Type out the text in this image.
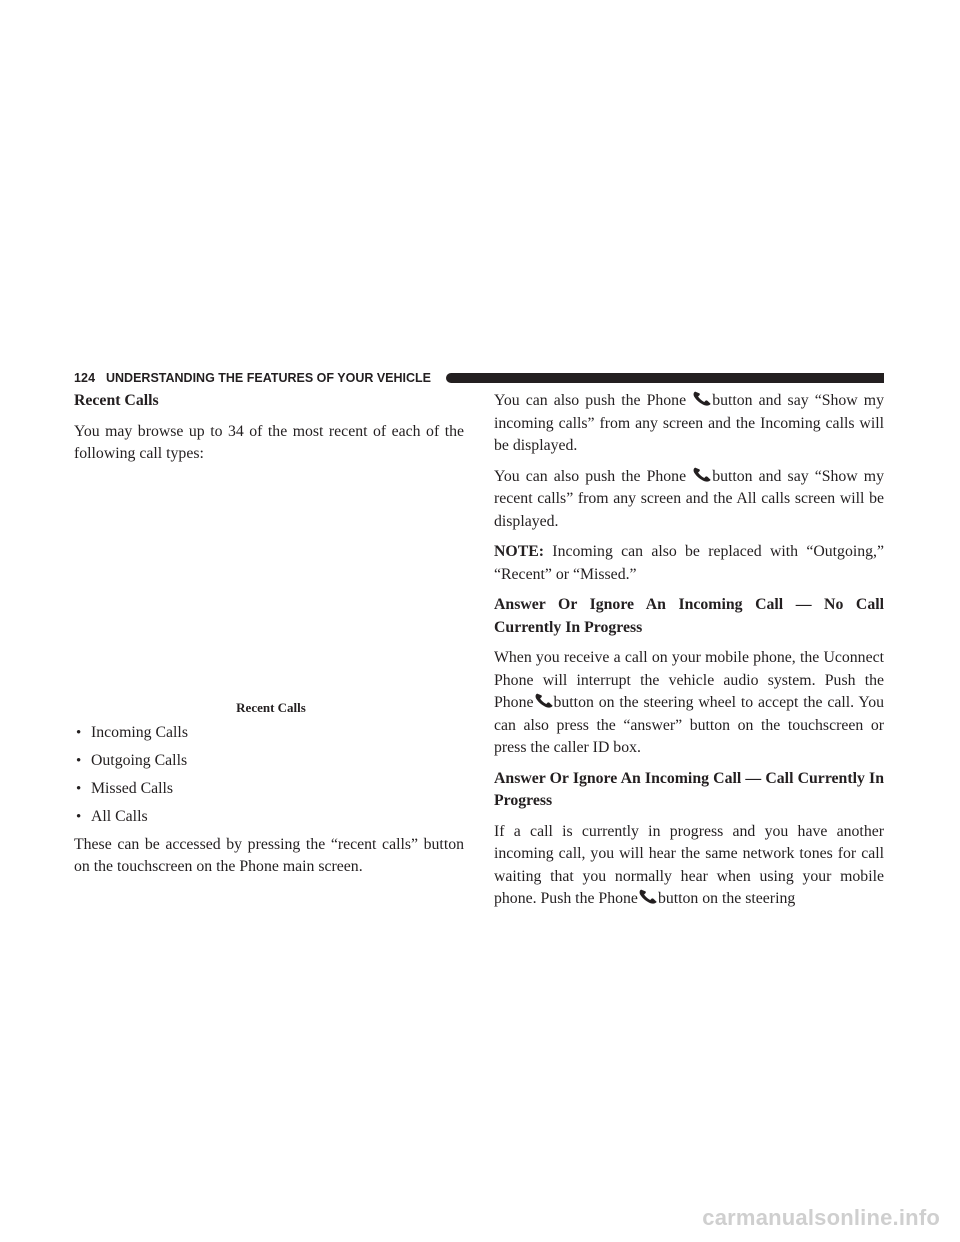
124 UNDERSTANDING THE FEATURES OF YOUR VEHICLE

Recent Calls

You may browse up to 34 of the most recent of each of the following call types:

Recent Calls
• Incoming Calls
• Outgoing Calls
• Missed Calls
• All Calls

These can be accessed by pressing the “recent calls” button on the touchscreen on the Phone main screen.

You can also push the Phone
button and say “Show my incoming calls” from any screen and the Incoming calls will be displayed.

You can also push the Phone
button and say “Show my recent calls” from any screen and the All calls screen will be displayed.

NOTE: Incoming can also be replaced with “Outgoing,” “Recent” or “Missed.”

Answer Or Ignore An Incoming Call — No Call Currently In Progress

When you receive a call on your mobile phone, the Uconnect Phone will interrupt the vehicle audio system. Push the Phone button on the steering wheel to accept the call. You can also press the “answer” button on the touchscreen or press the caller ID box.

Answer Or Ignore An Incoming Call — Call Currently In Progress

If a call is currently in progress and you have another incoming call, you will hear the same network tones for call waiting that you normally hear when using your mobile phone. Push the Phone button on the steering

carmanualsonline.info
